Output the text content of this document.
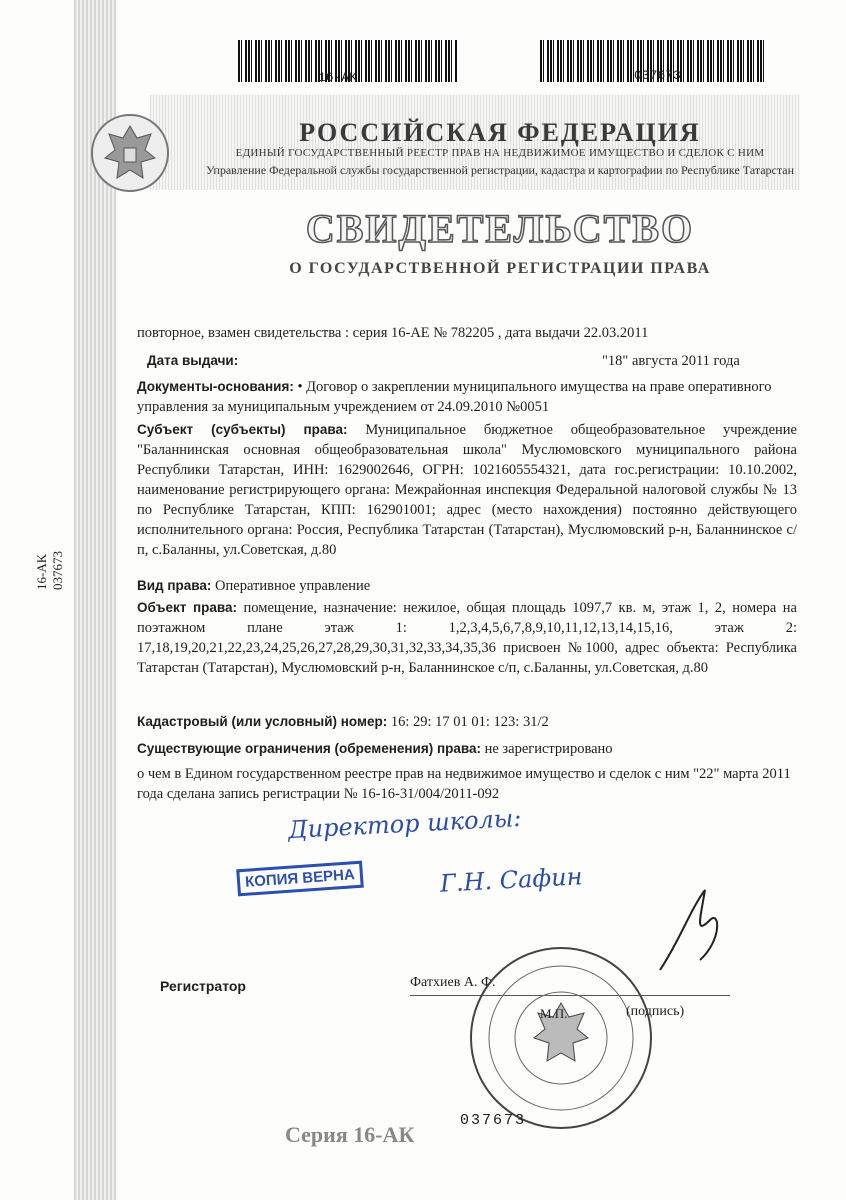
16-AK	037673
РОССИЙСКАЯ ФЕДЕРАЦИЯ
ЕДИНЫЙ ГОСУДАРСТВЕННЫЙ РЕЕСТР ПРАВ НА НЕДВИЖИМОЕ ИМУЩЕСТВО И СДЕЛОК С НИМ
Управление Федеральной службы государственной регистрации, кадастра и картографии по Республике Татарстан
СВИДЕТЕЛЬСТВО
О ГОСУДАРСТВЕННОЙ РЕГИСТРАЦИИ ПРАВА
16-AK  037673
повторное, взамен свидетельства : серия 16-АЕ № 782205 , дата выдачи 22.03.2011
Дата выдачи:	"18" августа 2011 года
Документы-основания: • Договор о закреплении муниципального имущества на праве оперативного управления за муниципальным учреждением от 24.09.2010 №0051
Субъект (субъекты) права: Муниципальное бюджетное общеобразовательное учреждение "Баланнинская основная общеобразовательная школа" Муслюмовского муниципального района Республики Татарстан, ИНН: 1629002646, ОГРН: 1021605554321, дата гос.регистрации: 10.10.2002, наименование регистрирующего органа: Межрайонная инспекция Федеральной налоговой службы № 13 по Республике Татарстан, КПП: 162901001; адрес (место нахождения) постоянно действующего исполнительного органа: Россия, Республика Татарстан (Татарстан), Муслюмовский р-н, Баланнинское с/п, с.Баланны, ул.Советская, д.80
Вид права: Оперативное управление
Объект права: помещение, назначение: нежилое, общая площадь 1097,7 кв. м, этаж 1, 2, номера на поэтажном плане этаж 1: 1,2,3,4,5,6,7,8,9,10,11,12,13,14,15,16, этаж 2: 17,18,19,20,21,22,23,24,25,26,27,28,29,30,31,32,33,34,35,36 присвоен №1000, адрес объекта: Республика Татарстан (Татарстан), Муслюмовский р-н, Баланнинское с/п, с.Баланны, ул.Советская, д.80
Кадастровый (или условный) номер: 16: 29: 17 01 01: 123: 31/2
Существующие ограничения (обременения) права: не зарегистрировано
о чем в Едином государственном реестре прав на недвижимое имущество и сделок с ним "22" марта 2011 года сделана запись регистрации № 16-16-31/004/2011-092
Директор школы:
КОПИЯ ВЕРНА	Г.Н. Сафин
Регистратор	Фатхиев А. Ф.
М.П.	(подпись)
Серия 16-АК
037673
